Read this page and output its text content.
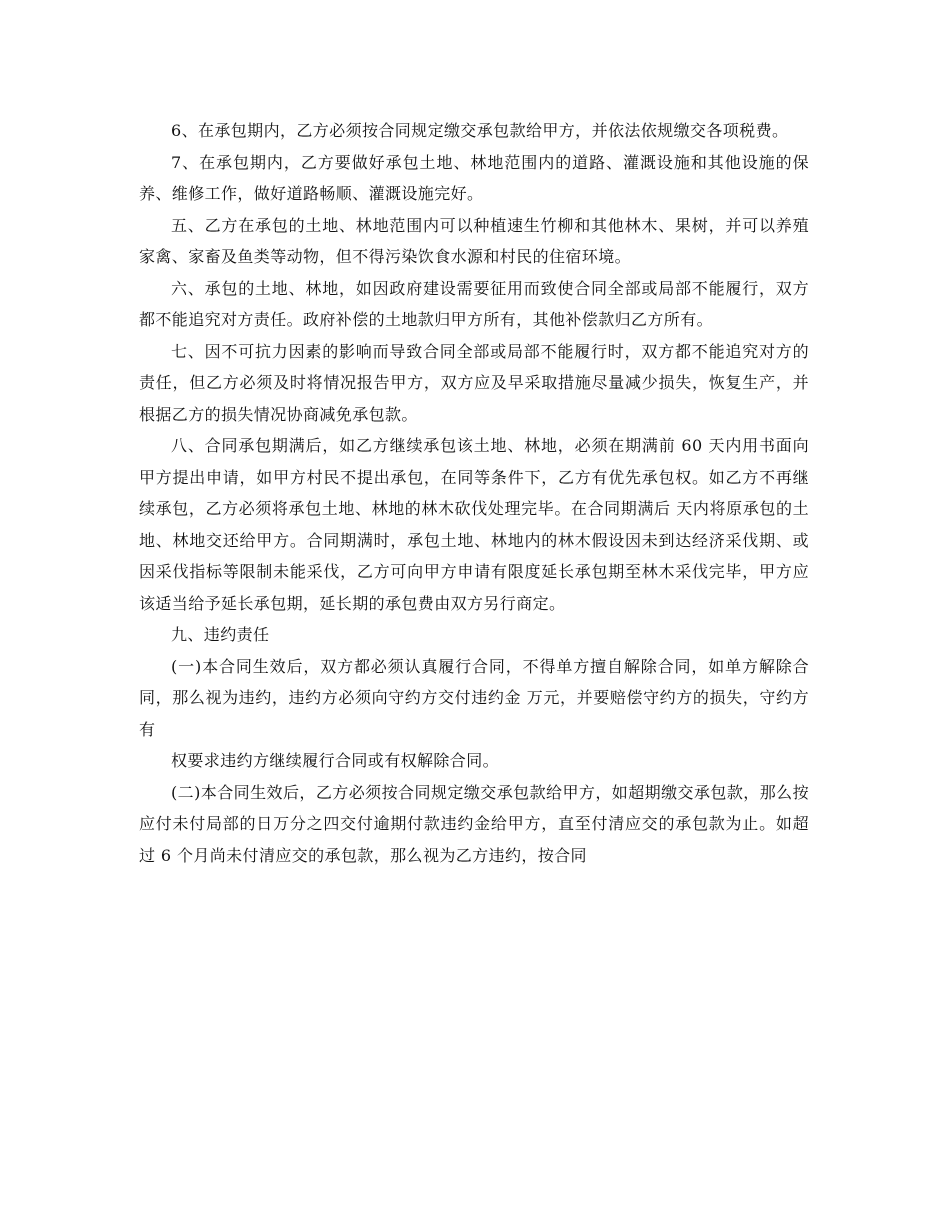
6、在承包期内，乙方必须按合同规定缴交承包款给甲方，并依法依规缴交各项税费。

7、在承包期内，乙方要做好承包土地、林地范围内的道路、灌溉设施和其他设施的保养、维修工作，做好道路畅顺、灌溉设施完好。

五、乙方在承包的土地、林地范围内可以种植速生竹柳和其他林木、果树，并可以养殖家禽、家畜及鱼类等动物，但不得污染饮食水源和村民的住宿环境。

六、承包的土地、林地，如因政府建设需要征用而致使合同全部或局部不能履行，双方都不能追究对方责任。政府补偿的土地款归甲方所有，其他补偿款归乙方所有。

七、因不可抗力因素的影响而导致合同全部或局部不能履行时，双方都不能追究对方的责任，但乙方必须及时将情况报告甲方，双方应及早采取措施尽量减少损失，恢复生产，并根据乙方的损失情况协商减免承包款。

八、合同承包期满后，如乙方继续承包该土地、林地，必须在期满前 60 天内用书面向甲方提出申请，如甲方村民不提出承包，在同等条件下，乙方有优先承包权。如乙方不再继续承包，乙方必须将承包土地、林地的林木砍伐处理完毕。在合同期满后 天内将原承包的土地、林地交还给甲方。合同期满时，承包土地、林地内的林木假设因未到达经济采伐期、或因采伐指标等限制未能采伐，乙方可向甲方申请有限度延长承包期至林木采伐完毕，甲方应该适当给予延长承包期，延长期的承包费由双方另行商定。

九、违约责任

(一)本合同生效后，双方都必须认真履行合同，不得单方擅自解除合同，如单方解除合同，那么视为违约，违约方必须向守约方交付违约金 万元，并要赔偿守约方的损失，守约方有

权要求违约方继续履行合同或有权解除合同。

(二)本合同生效后，乙方必须按合同规定缴交承包款给甲方，如超期缴交承包款，那么按应付未付局部的日万分之四交付逾期付款违约金给甲方，直至付清应交的承包款为止。如超过 6 个月尚未付清应交的承包款，那么视为乙方违约，按合同
